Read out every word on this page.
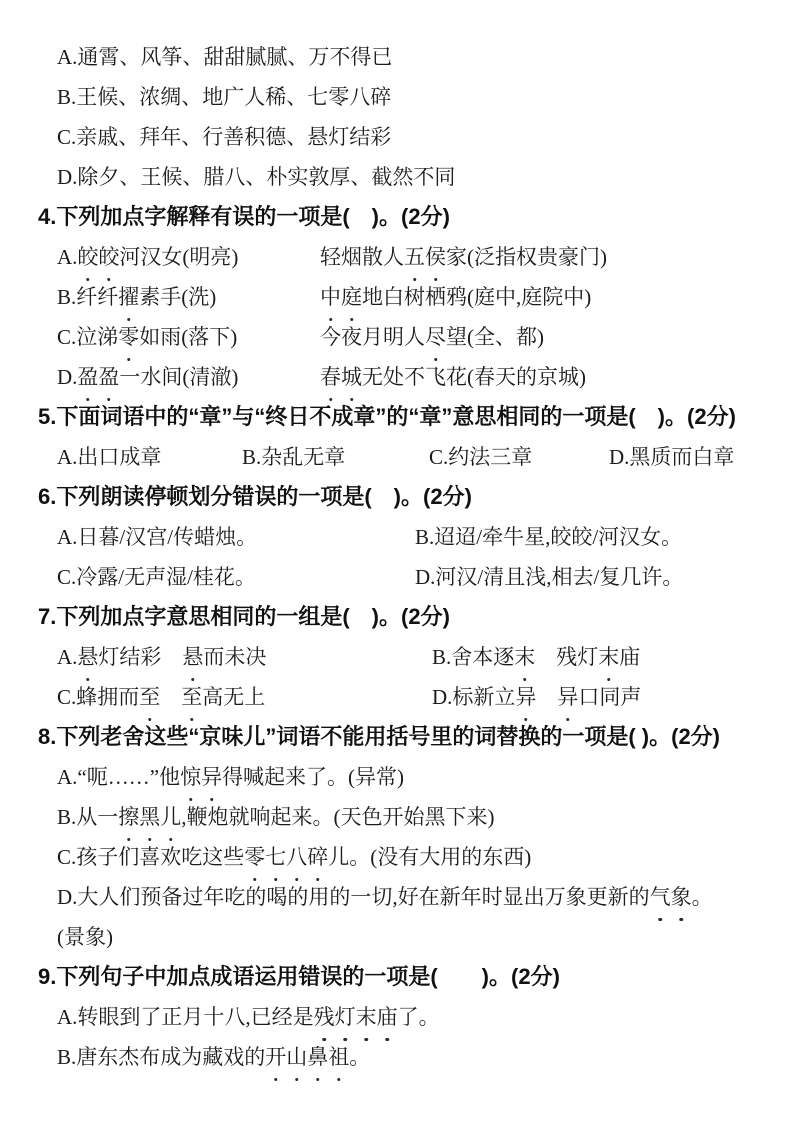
A.通霄、风筝、甜甜腻腻、万不得已
B.王候、浓绸、地广人稀、七零八碎
C.亲戚、拜年、行善积德、悬灯结彩
D.除夕、王候、腊八、朴实敦厚、截然不同
4.下列加点字解释有误的一项是(　)。(2分)
A.皎皎河汉女(明亮)	轻烟散人五侯家(泛指权贵豪门)
B.纤纤擢素手(洗)	中庭地白树栖鸦(庭中,庭院中)
C.泣涕零如雨(落下)	今夜月明人尽望(全、都)
D.盈盈一水间(清澈)	春城无处不飞花(春天的京城)
5.下面词语中的“章”与“终日不成章”的“章”意思相同的一项是(　)。(2分)
A.出口成章	B.杂乱无章	C.约法三章	D.黑质而白章
6.下列朗读停顿划分错误的一项是(　)。(2分)
A.日暮/汉宫/传蜡烛。	B.迢迢/牵牛星,皎皎/河汉女。
C.冷露/无声湿/桂花。	D.河汉/清且浅,相去/复几许。
7.下列加点字意思相同的一组是(　)。(2分)
A.悬灯结彩　悬而未决	B.舍本逐末　残灯末庙
C.蜂拥而至　 至高无上	D.标新立异　 异口同声
8.下列老舍这些“京味儿”词语不能用括号里的词替换的一项是( )。(2分)
A.“呃……”他惊异得喊起来了。(异常)
B.从一擦黑儿,鞭炮就响起来。(天色开始黑下来)
C.孩子们喜欢吃这些零七八碎儿。(没有大用的东西)
D.大人们预备过年吃的喝的用的一切,好在新年时显出万象更新的气象。
(景象)
9.下列句子中加点成语运用错误的一项是(　　)。(2分)
A.转眼到了正月十八,已经是残灯末庙了。
B.唐东杰布成为藏戏的开山鼻祖。
